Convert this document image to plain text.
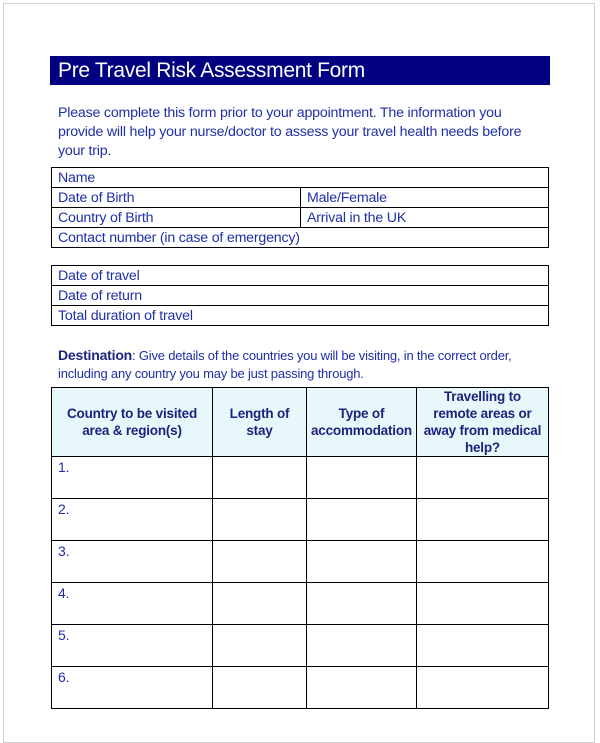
Pre Travel Risk Assessment Form
Please complete this form prior to your appointment. The information you provide will help your nurse/doctor to assess your travel health needs before your trip.
Name	
Date of Birth	Male/Female
Country of Birth	Arrival in the UK
Contact number (in case of emergency)	
Date of travel
Date of return
Total duration of travel
Destination: Give details of the countries you will be visiting, in the correct order, including any country you may be just passing through.
Country to be visited area & region(s)	Length of stay	Type of accommodation	Travelling to remote areas or away from medical help?
1.			
2.			
3.			
4.			
5.			
6.			
